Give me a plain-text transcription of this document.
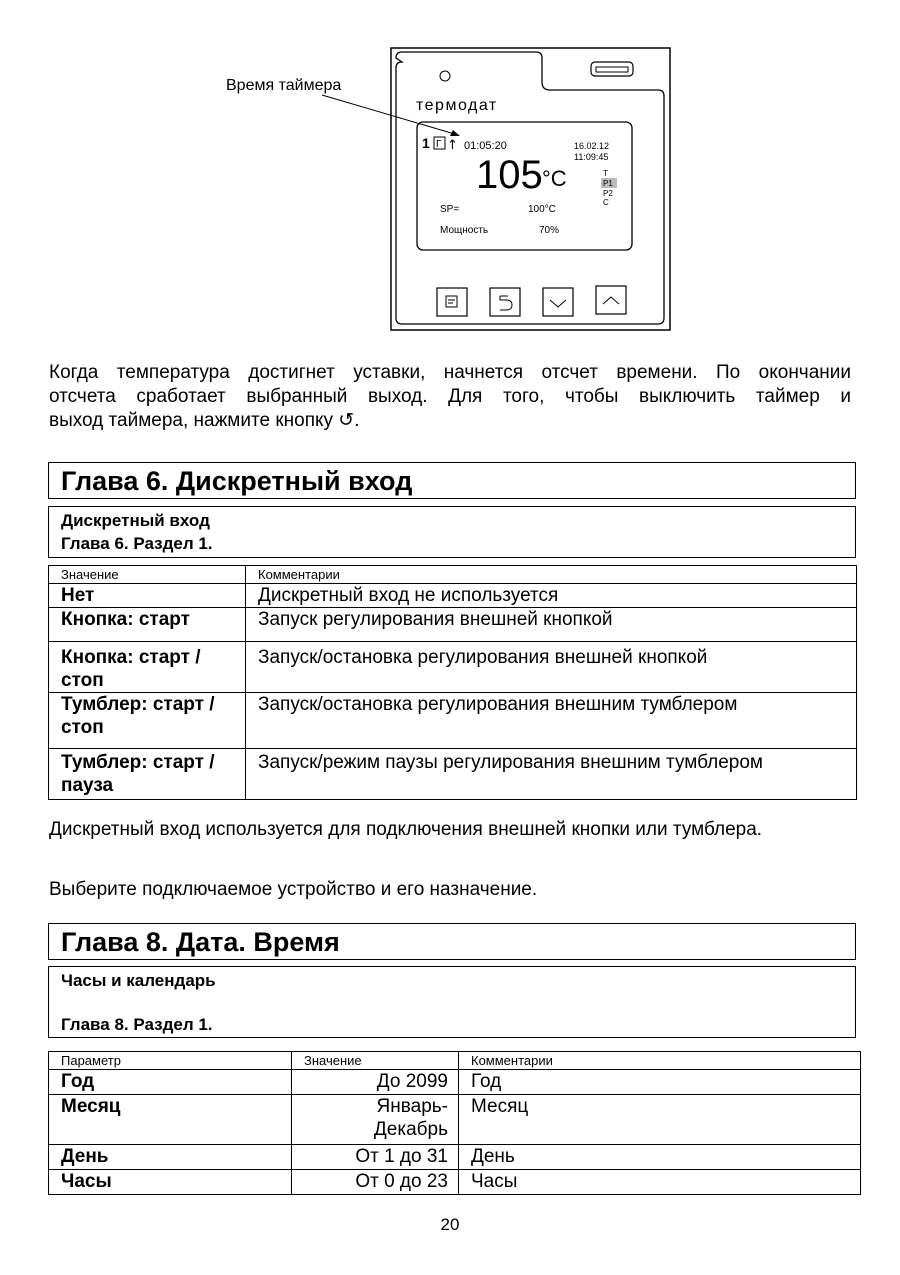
Время таймера
термодат
1 Г ↑ 01:05:20	16.02.12
11:09:45
105 °C	T
P1
P2
C
SP=	100°C
Мощность	70%
Когда температура достигнет уставки, начнется отсчет времени. По окончании
отсчета сработает выбранный выход. Для того, чтобы выключить таймер и
выход таймера, нажмите кнопку ↺.
Глава 6. Дискретный вход
Дискретный вход
Глава 6. Раздел 1.
Значение	Комментарии
Нет	Дискретный вход не используется
Кнопка: старт	Запуск регулирования внешней кнопкой
Кнопка: старт / стоп	Запуск/остановка регулирования внешней кнопкой
Тумблер: старт / стоп	Запуск/остановка регулирования внешним тумблером
Тумблер: старт / пауза	Запуск/режим паузы регулирования внешним тумблером
Дискретный вход используется для подключения внешней кнопки или тумблера.
Выберите подключаемое устройство и его назначение.
Глава 8. Дата. Время
Часы и календарь
Глава 8. Раздел 1.
Параметр	Значение	Комментарии
Год	До 2099	Год
Месяц	Январь-Декабрь	Месяц
День	От 1 до 31	День
Часы	От 0 до 23	Часы
20
